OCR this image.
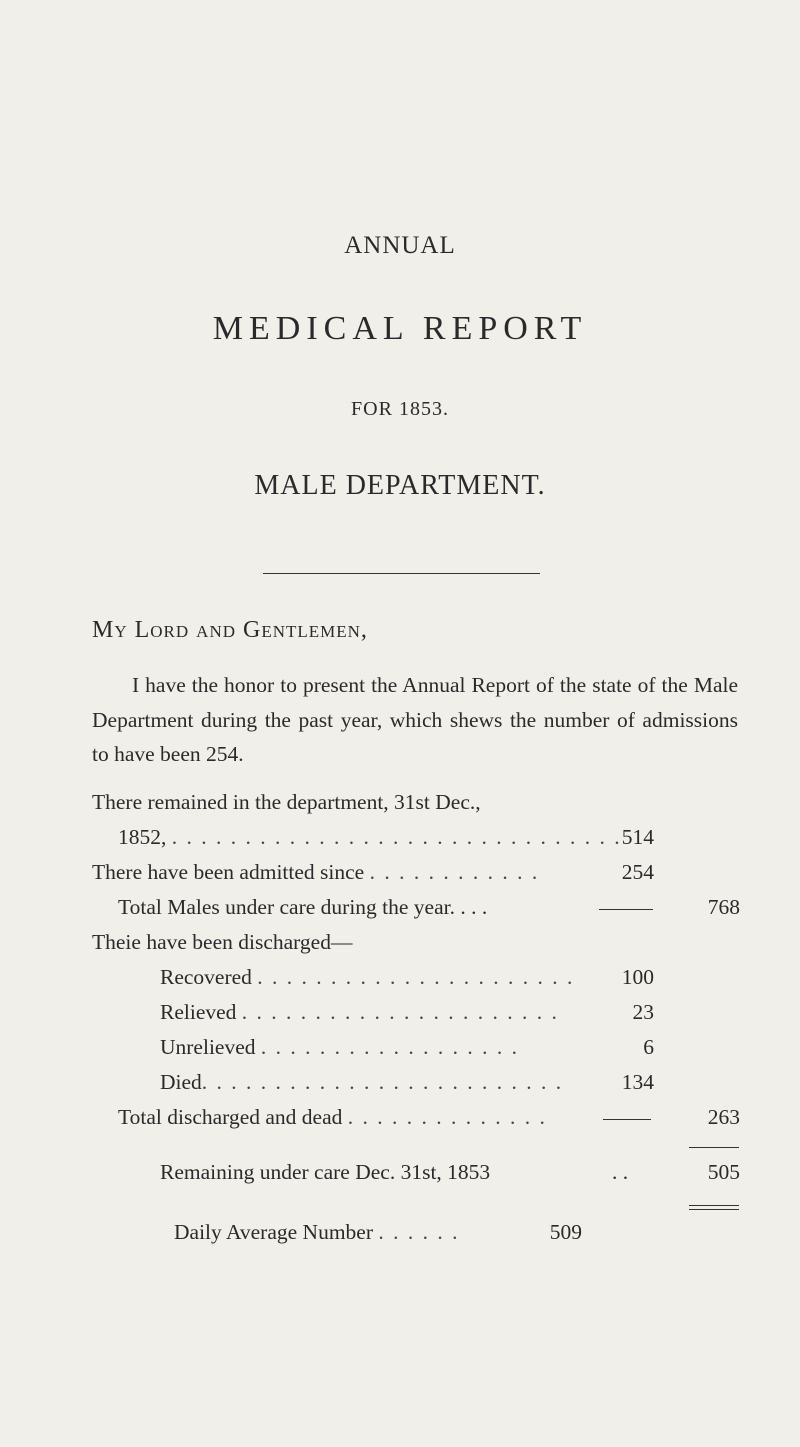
ANNUAL
MEDICAL REPORT
FOR 1853.
MALE DEPARTMENT.
My Lord and Gentlemen,
I have the honor to present the Annual Report of the state of the Male Department during the past year, which shews the number of admissions to have been 254.
There remained in the department, 31st Dec.,
1852, . . . . . . . . . . . . . . . . . . . . . . . . . . . . . . . 514
There have been admitted since . . . . . . . . . . . .	254
Total Males under care during the year. . . .	768
Theie have been discharged—
Recovered . . . . . . . . . . . . . . . . . . . . . .	100
Relieved . . . . . . . . . . . . . . . . . . . . . .	23
Unrelieved . . . . . . . . . . . . . . . . . .	6
Died. . . . . . . . . . . . . . . . . . . . . . . . .	134
Total discharged and dead . . . . . . . . . . . . . .	263
Remaining under care Dec. 31st, 1853	. .	505
Daily Average Number . . . . . .	509
